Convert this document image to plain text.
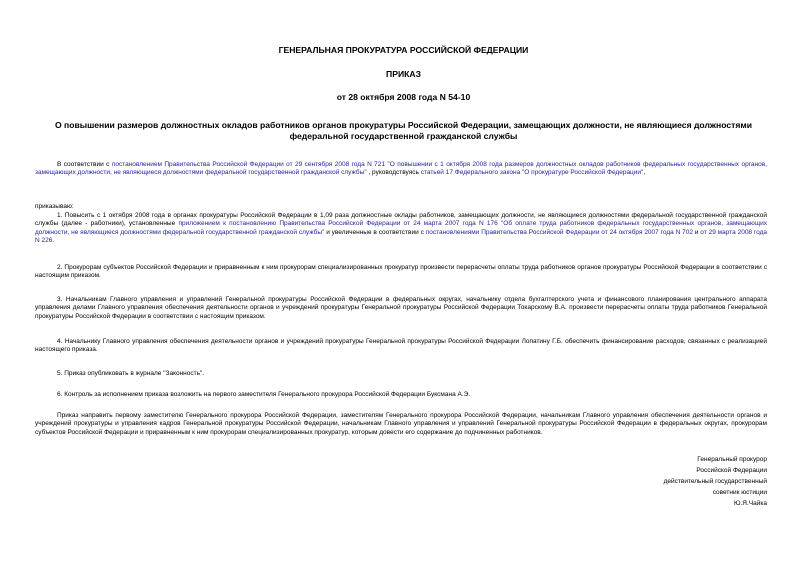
ГЕНЕРАЛЬНАЯ ПРОКУРАТУРА РОССИЙСКОЙ ФЕДЕРАЦИИ
ПРИКАЗ
от 28 октября 2008 года N 54-10
О повышении размеров должностных окладов работников органов прокуратуры Российской Федерации, замещающих должности, не являющиеся должностями федеральной государственной гражданской службы

В соответствии с постановлением Правительства Российской Федерации от 29 сентября 2008 года N 721 "О повышении с 1 октября 2008 года размеров должностных окладов работников федеральных государственных органов, замещающих должности, не являющиеся должностями федеральной государственной гражданской службы" , руководствуясь статьей 17 Федерального закона "О прокуратуре Российской Федерации",

приказываю:

1. Повысить с 1 октября 2008 года в органах прокуратуры Российской Федерации в 1,09 раза должностные оклады работников, замещающих должности, не являющиеся должностями федеральной государственной гражданской службы (далее - работники), установленные приложением к постановлению Правительства Российской Федерации от 24 марта 2007 года N 176 "Об оплате труда работников федеральных государственных органов, замещающих должности, не являющиеся должностями федеральной государственной гражданской службы" и увеличенные в соответствии с постановлениями Правительства Российской Федерации от 24 октября 2007 года N 702 и от 29 марта 2008 года N 226.

2. Прокурорам субъектов Российской Федерации и приравненным к ним прокурорам специализированных прокуратур произвести перерасчеты оплаты труда работников органов прокуратуры Российской Федерации в соответствии с настоящим приказом.

3. Начальникам Главного управления и управлений Генеральной прокуратуры Российской Федерации в федеральных округах, начальнику отдела бухгалтерского учета и финансового планирования центрального аппарата управления делами Главного управления обеспечения деятельности органов и учреждений прокуратуры Генеральной прокуратуры Российской Федерации Токарскому В.А. произвести перерасчеты оплаты труда работников Генеральной прокуратуры Российской Федерации в соответствии с настоящим приказом.

4. Начальнику Главного управления обеспечения деятельности органов и учреждений прокуратуры Генеральной прокуратуры Российской Федерации Лопатину Г.Б. обеспечить финансирование расходов, связанных с реализацией настоящего приказа.

5. Приказ опубликовать в журнале "Законность".

6. Контроль за исполнением приказа возложить на первого заместителя Генерального прокурора Российской Федерации Буксмана А.Э.

Приказ направить первому заместителю Генерального прокурора Российской Федерации, заместителям Генерального прокурора Российской Федерации, начальникам Главного управления обеспечения деятельности органов и учреждений прокуратуры и управления кадров Генеральной прокуратуры Российской Федерации, начальникам Главного управления и управлений Генеральной прокуратуры Российской Федерации в федеральных округах, прокурорам субъектов Российской Федерации и приравненным к ним прокурорам специализированных прокуратур, которым довести его содержание до подчиненных работников.

Генеральный прокурор
Российской Федерации
действительный государственный
советник юстиции
Ю.Я.Чайка
